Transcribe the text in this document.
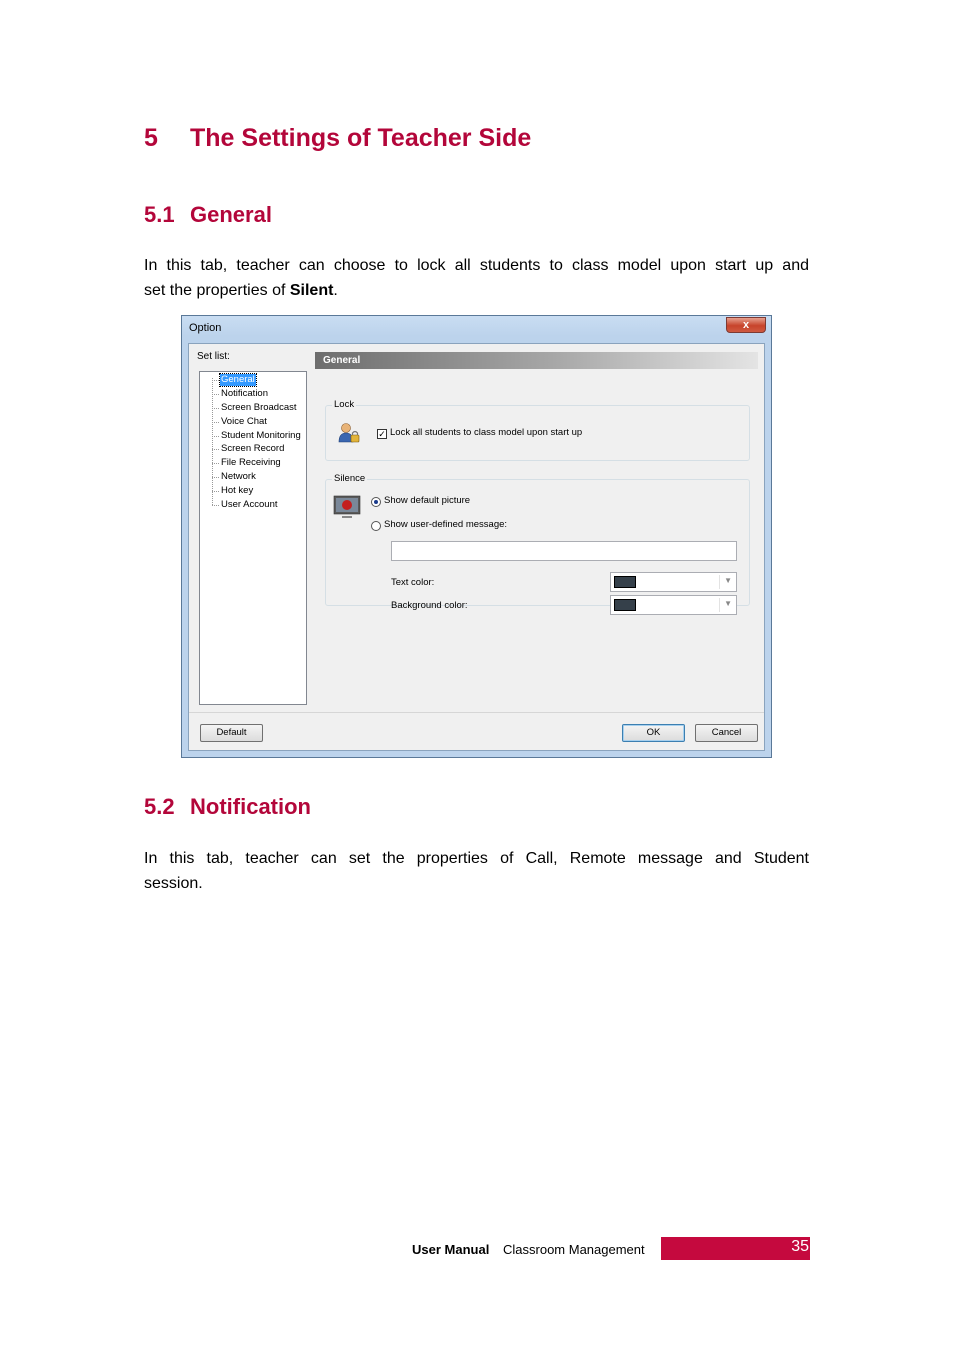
5 The Settings of Teacher Side
5.1 General
In this tab, teacher can choose to lock all students to class model upon start up and
set the properties of Silent.
Option	x
Set list:
General
Notification
Screen Broadcast
Voice Chat
Student Monitoring
Screen Record
File Receiving
Network
Hot key
User Account
General
Lock
✓ Lock all students to class model upon start up
Silence
Show default picture
Show user-defined message:
Text color:	▼
Background color:	▼
Default	OK	Cancel
5.2 Notification
In this tab, teacher can set the properties of Call, Remote message and Student
session.
User Manual Classroom Management	35
